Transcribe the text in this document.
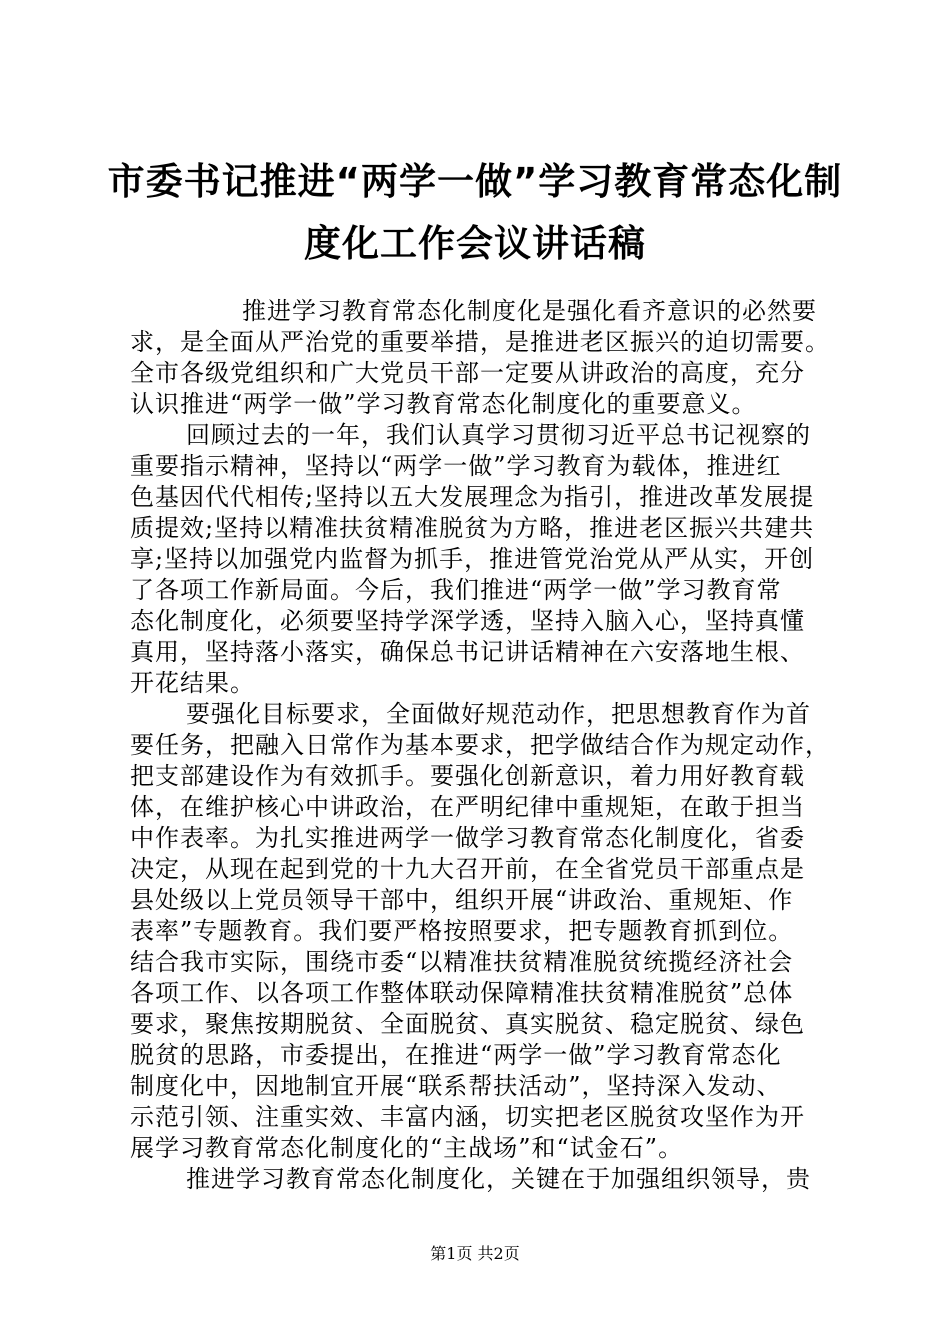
市委书记推进“两学一做”学习教育常态化制
度化工作会议讲话稿
推进学习教育常态化制度化是强化看齐意识的必然要
求，是全面从严治党的重要举措，是推进老区振兴的迫切需要。
全市各级党组织和广大党员干部一定要从讲政治的高度，充分
认识推进“两学一做”学习教育常态化制度化的重要意义。
回顾过去的一年，我们认真学习贯彻习近平总书记视察的
重要指示精神，坚持以“两学一做”学习教育为载体，推进红
色基因代代相传;坚持以五大发展理念为指引，推进改革发展提
质提效;坚持以精准扶贫精准脱贫为方略，推进老区振兴共建共
享;坚持以加强党内监督为抓手，推进管党治党从严从实，开创
了各项工作新局面。今后，我们推进“两学一做”学习教育常
态化制度化，必须要坚持学深学透，坚持入脑入心，坚持真懂
真用，坚持落小落实，确保总书记讲话精神在六安落地生根、
开花结果。
要强化目标要求，全面做好规范动作，把思想教育作为首
要任务，把融入日常作为基本要求，把学做结合作为规定动作，
把支部建设作为有效抓手。要强化创新意识，着力用好教育载
体，在维护核心中讲政治，在严明纪律中重规矩，在敢于担当
中作表率。为扎实推进两学一做学习教育常态化制度化，省委
决定，从现在起到党的十九大召开前，在全省党员干部重点是
县处级以上党员领导干部中，组织开展“讲政治、重规矩、作
表率”专题教育。我们要严格按照要求，把专题教育抓到位。
结合我市实际，围绕市委“以精准扶贫精准脱贫统揽经济社会
各项工作、以各项工作整体联动保障精准扶贫精准脱贫”总体
要求，聚焦按期脱贫、全面脱贫、真实脱贫、稳定脱贫、绿色
脱贫的思路，市委提出，在推进“两学一做”学习教育常态化
制度化中，因地制宜开展“联系帮扶活动”，坚持深入发动、
示范引领、注重实效、丰富内涵，切实把老区脱贫攻坚作为开
展学习教育常态化制度化的“主战场”和“试金石”。
推进学习教育常态化制度化，关键在于加强组织领导，贵
第1页 共2页
